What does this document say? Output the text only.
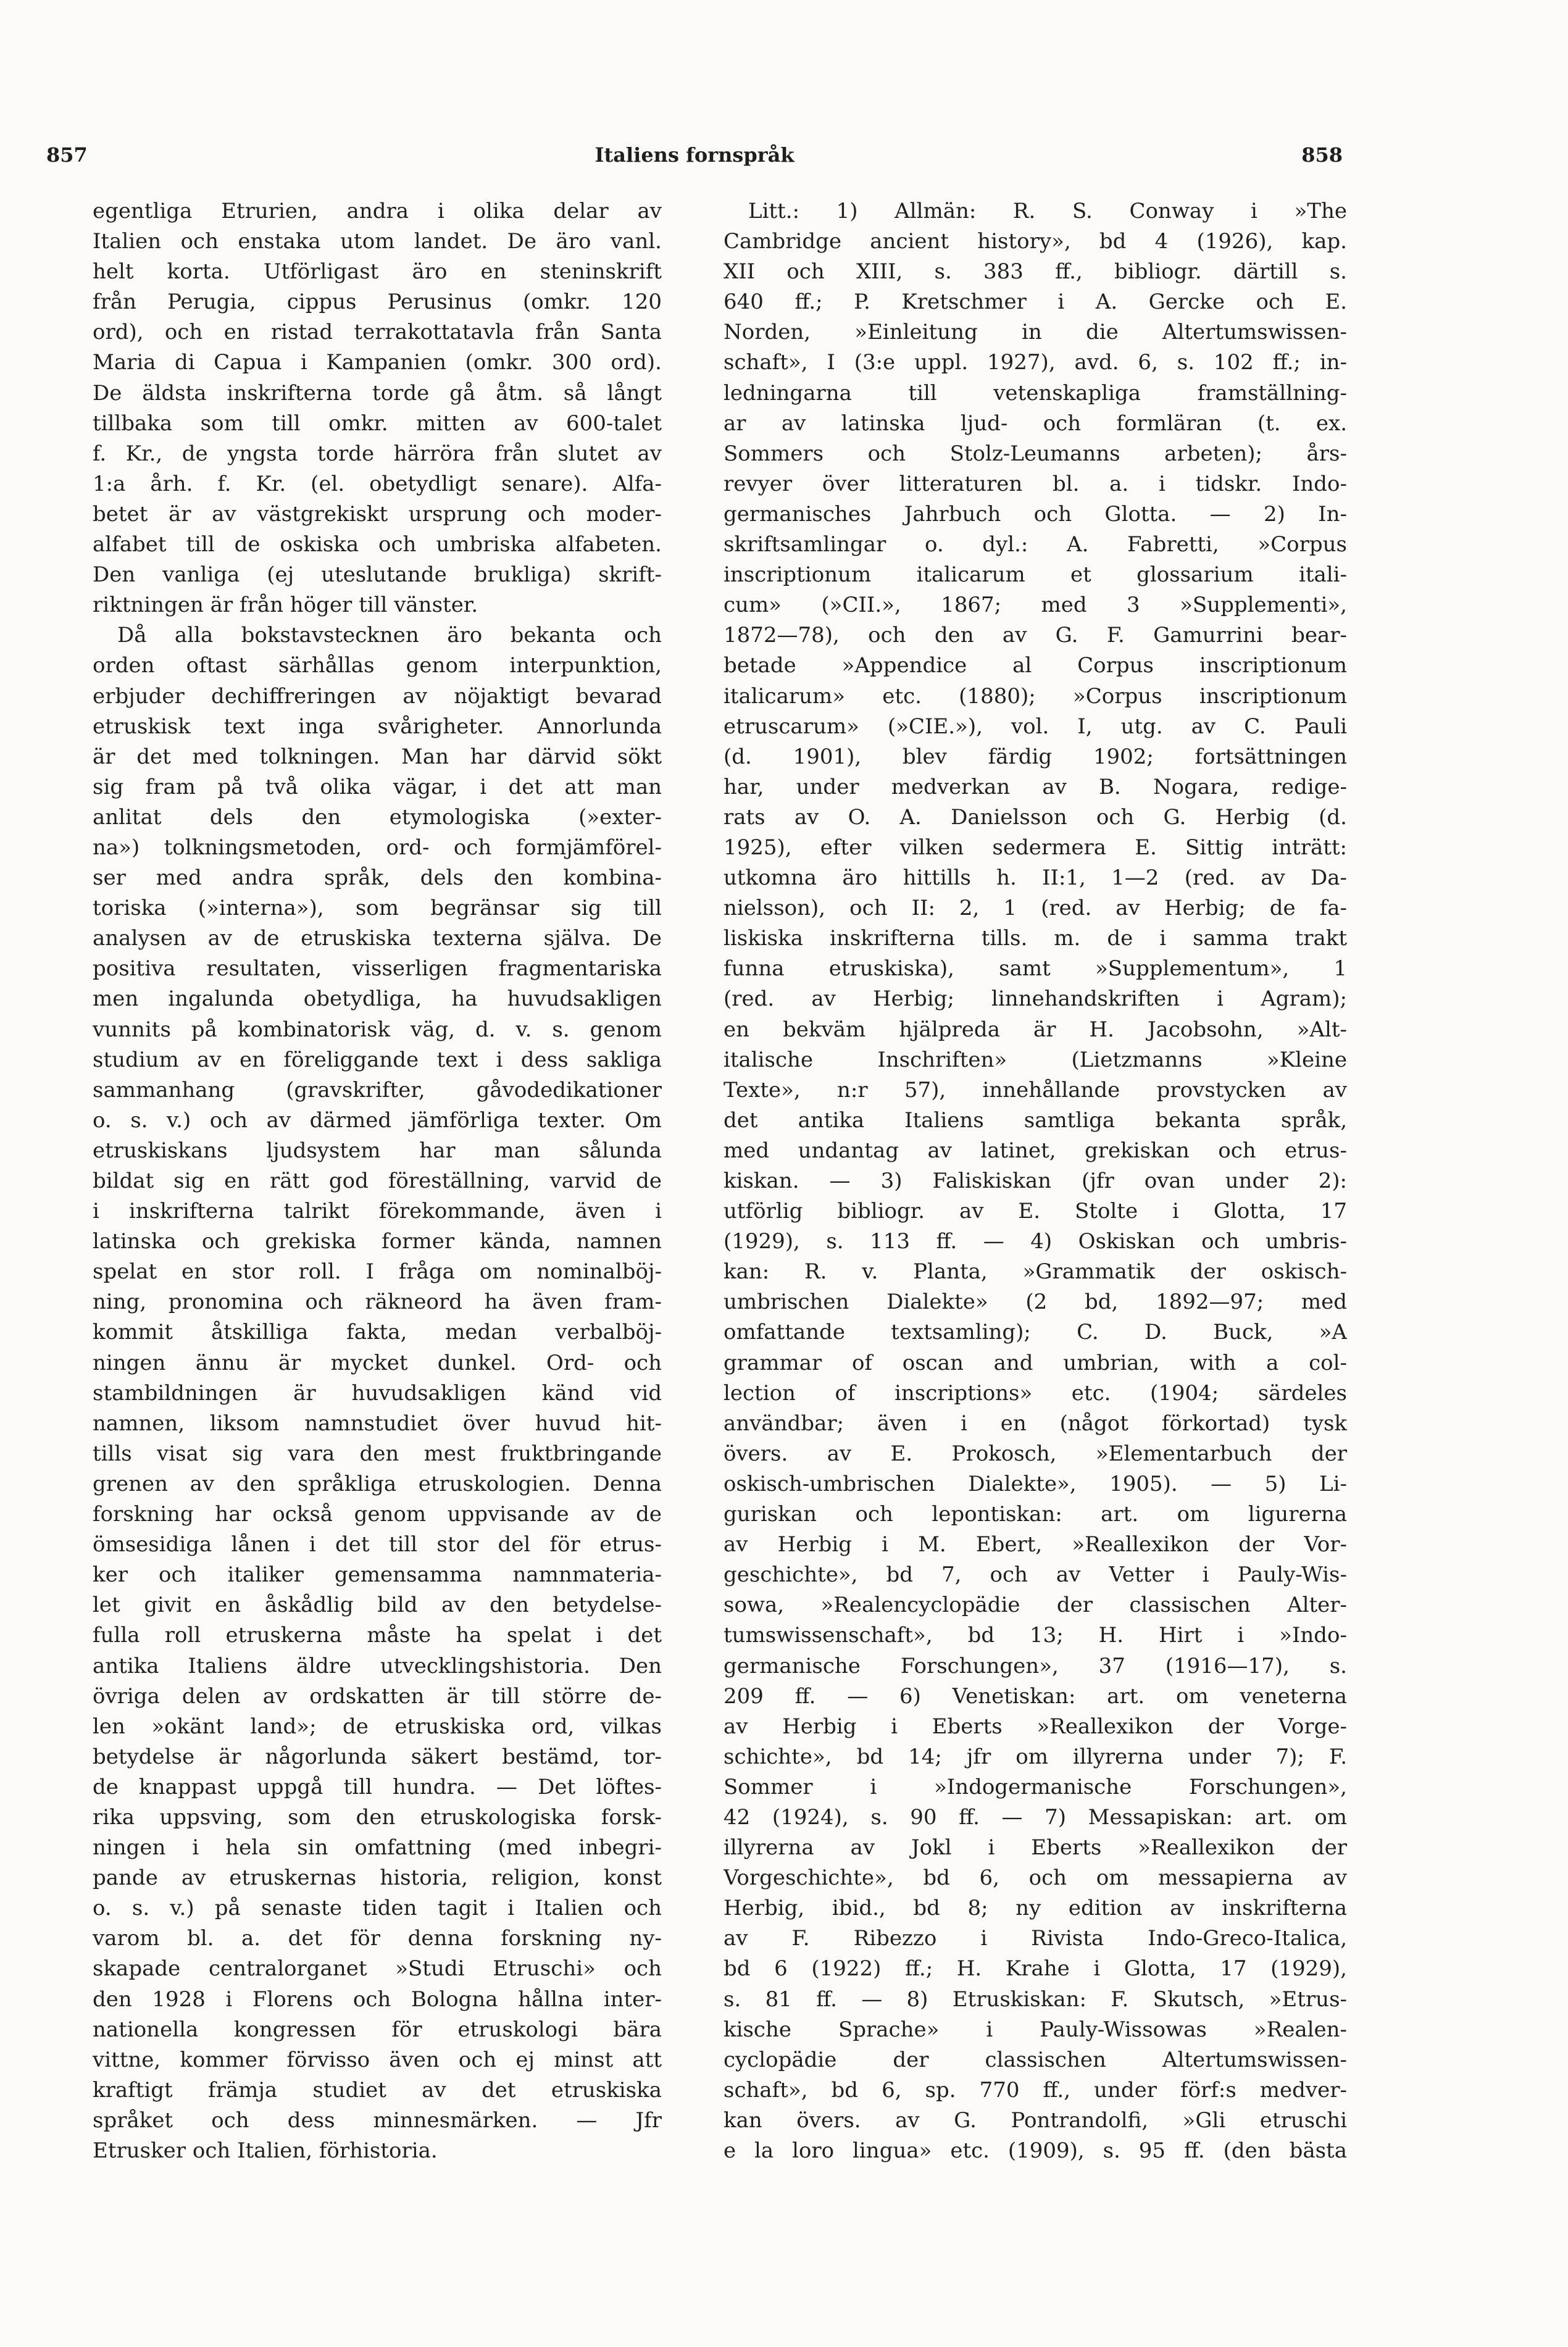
857	Italiens fornspråk	858
egentliga Etrurien, andra i olika delar av
Italien och enstaka utom landet. De äro vanl.
helt korta. Utförligast äro en steninskrift
från Perugia, cippus Perusinus (omkr. 120
ord), och en ristad terrakottatavla från Santa
Maria di Capua i Kampanien (omkr. 300 ord).
De äldsta inskrifterna torde gå åtm. så långt
tillbaka som till omkr. mitten av 600-talet
f. Kr., de yngsta torde härröra från slutet av
1:a årh. f. Kr. (el. obetydligt senare). Alfa-
betet är av västgrekiskt ursprung och moder-
alfabet till de oskiska och umbriska alfabeten.
Den vanliga (ej uteslutande brukliga) skrift-
riktningen är från höger till vänster.
Då alla bokstavstecknen äro bekanta och
orden oftast särhållas genom interpunktion,
erbjuder dechiffreringen av nöjaktigt bevarad
etruskisk text inga svårigheter. Annorlunda
är det med tolkningen. Man har därvid sökt
sig fram på två olika vägar, i det att man
anlitat dels den etymologiska (»exter-
na») tolkningsmetoden, ord- och formjämförel-
ser med andra språk, dels den kombina-
toriska (»interna»), som begränsar sig till
analysen av de etruskiska texterna själva. De
positiva resultaten, visserligen fragmentariska
men ingalunda obetydliga, ha huvudsakligen
vunnits på kombinatorisk väg, d. v. s. genom
studium av en föreliggande text i dess sakliga
sammanhang (gravskrifter, gåvodedikationer
o. s. v.) och av därmed jämförliga texter. Om
etruskiskans ljudsystem har man sålunda
bildat sig en rätt god föreställning, varvid de
i inskrifterna talrikt förekommande, även i
latinska och grekiska former kända, namnen
spelat en stor roll. I fråga om nominalböj-
ning, pronomina och räkneord ha även fram-
kommit åtskilliga fakta, medan verbalböj-
ningen ännu är mycket dunkel. Ord- och
stambildningen är huvudsakligen känd vid
namnen, liksom namnstudiet över huvud hit-
tills visat sig vara den mest fruktbringande
grenen av den språkliga etruskologien. Denna
forskning har också genom uppvisande av de
ömsesidiga lånen i det till stor del för etrus-
ker och italiker gemensamma namnmateria-
let givit en åskådlig bild av den betydelse-
fulla roll etruskerna måste ha spelat i det
antika Italiens äldre utvecklingshistoria. Den
övriga delen av ordskatten är till större de-
len »okänt land»; de etruskiska ord, vilkas
betydelse är någorlunda säkert bestämd, tor-
de knappast uppgå till hundra. — Det löftes-
rika uppsving, som den etruskologiska forsk-
ningen i hela sin omfattning (med inbegri-
pande av etruskernas historia, religion, konst
o. s. v.) på senaste tiden tagit i Italien och
varom bl. a. det för denna forskning ny-
skapade centralorganet »Studi Etruschi» och
den 1928 i Florens och Bologna hållna inter-
nationella kongressen för etruskologi bära
vittne, kommer förvisso även och ej minst att
kraftigt främja studiet av det etruskiska
språket och dess minnesmärken. — Jfr
Etrusker och Italien, förhistoria.
Litt.: 1) Allmän: R. S. Conway i »The
Cambridge ancient history», bd 4 (1926), kap.
XII och XIII, s. 383 ff., bibliogr. därtill s.
640 ff.; P. Kretschmer i A. Gercke och E.
Norden, »Einleitung in die Altertumswissen-
schaft», I (3:e uppl. 1927), avd. 6, s. 102 ff.; in-
ledningarna till vetenskapliga framställning-
ar av latinska ljud- och formläran (t. ex.
Sommers och Stolz-Leumanns arbeten); års-
revyer över litteraturen bl. a. i tidskr. Indo-
germanisches Jahrbuch och Glotta. — 2) In-
skriftsamlingar o. dyl.: A. Fabretti, »Corpus
inscriptionum italicarum et glossarium itali-
cum» (»CII.», 1867; med 3 »Supplementi»,
1872—78), och den av G. F. Gamurrini bear-
betade »Appendice al Corpus inscriptionum
italicarum» etc. (1880); »Corpus inscriptionum
etruscarum» (»CIE.»), vol. I, utg. av C. Pauli
(d. 1901), blev färdig 1902; fortsättningen
har, under medverkan av B. Nogara, redige-
rats av O. A. Danielsson och G. Herbig (d.
1925), efter vilken sedermera E. Sittig inträtt:
utkomna äro hittills h. II:1, 1—2 (red. av Da-
nielsson), och II: 2, 1 (red. av Herbig; de fa-
liskiska inskrifterna tills. m. de i samma trakt
funna etruskiska), samt »Supplementum», 1
(red. av Herbig; linnehandskriften i Agram);
en bekväm hjälpreda är H. Jacobsohn, »Alt-
italische Inschriften» (Lietzmanns »Kleine
Texte», n:r 57), innehållande provstycken av
det antika Italiens samtliga bekanta språk,
med undantag av latinet, grekiskan och etrus-
kiskan. — 3) Faliskiskan (jfr ovan under 2):
utförlig bibliogr. av E. Stolte i Glotta, 17
(1929), s. 113 ff. — 4) Oskiskan och umbris-
kan: R. v. Planta, »Grammatik der oskisch-
umbrischen Dialekte» (2 bd, 1892—97; med
omfattande textsamling); C. D. Buck, »A
grammar of oscan and umbrian, with a col-
lection of inscriptions» etc. (1904; särdeles
användbar; även i en (något förkortad) tysk
övers. av E. Prokosch, »Elementarbuch der
oskisch-umbrischen Dialekte», 1905). — 5) Li-
guriskan och lepontiskan: art. om ligurerna
av Herbig i M. Ebert, »Reallexikon der Vor-
geschichte», bd 7, och av Vetter i Pauly-Wis-
sowa, »Realencyclopädie der classischen Alter-
tumswissenschaft», bd 13; H. Hirt i »Indo-
germanische Forschungen», 37 (1916—17), s.
209 ff. — 6) Venetiskan: art. om veneterna
av Herbig i Eberts »Reallexikon der Vorge-
schichte», bd 14; jfr om illyrerna under 7); F.
Sommer i »Indogermanische Forschungen»,
42 (1924), s. 90 ff. — 7) Messapiskan: art. om
illyrerna av Jokl i Eberts »Reallexikon der
Vorgeschichte», bd 6, och om messapierna av
Herbig, ibid., bd 8; ny edition av inskrifterna
av F. Ribezzo i Rivista Indo-Greco-Italica,
bd 6 (1922) ff.; H. Krahe i Glotta, 17 (1929),
s. 81 ff. — 8) Etruskiskan: F. Skutsch, »Etrus-
kische Sprache» i Pauly-Wissowas »Realen-
cyclopädie der classischen Altertumswissen-
schaft», bd 6, sp. 770 ff., under förf:s medver-
kan övers. av G. Pontrandolfi, »Gli etruschi
e la loro lingua» etc. (1909), s. 95 ff. (den bästa
